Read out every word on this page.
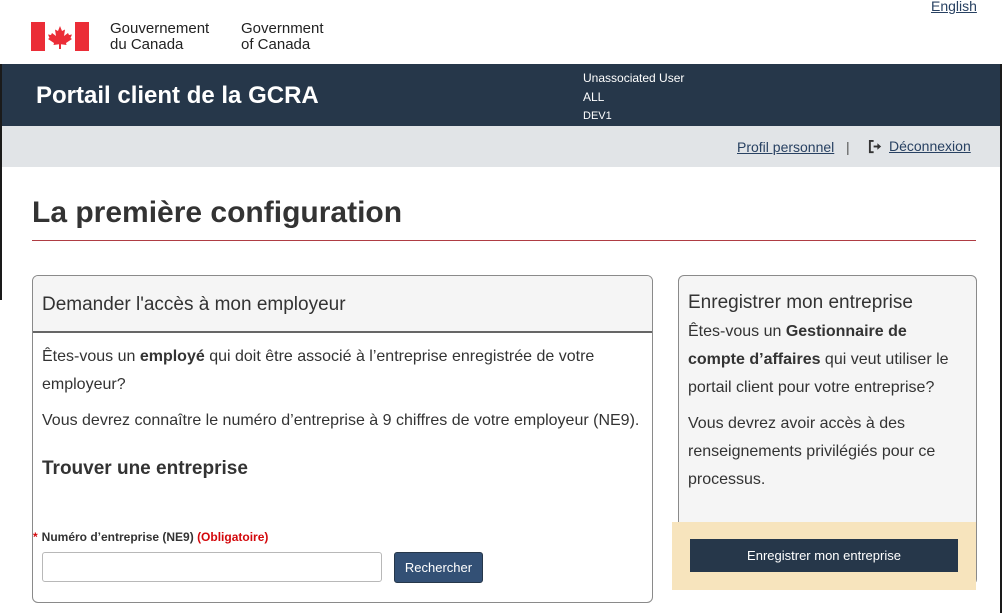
Gouvernement
du Canada
Government
of Canada
English
Portail client de la GCRA
Unassociated User
ALL
DEV1
Profil personnel |	Déconnexion
La première configuration
Demander l'accès à mon employeur

Êtes-vous un employé qui doit être associé à l’entreprise enregistrée de votre employeur?

Vous devrez connaître le numéro d’entreprise à 9 chiffres de votre employeur (NE9).

Trouver une entreprise
* Numéro d’entreprise (NE9) (Obligatoire)
Rechercher
Enregistrer mon entreprise

Êtes-vous un Gestionnaire de compte d’affaires qui veut utiliser le portail client pour votre entreprise?

Vous devrez avoir accès à des renseignements privilégiés pour ce processus.

Enregistrer mon entreprise
